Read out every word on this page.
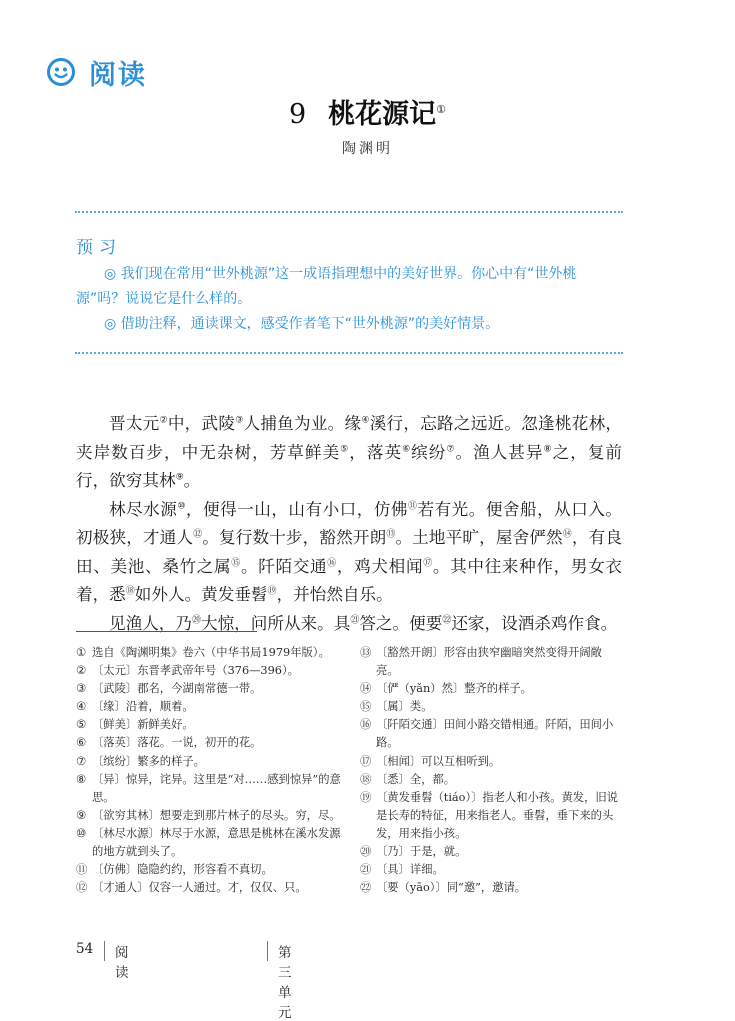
阅读
9 桃花源记①
陶渊明
预习

◎ 我们现在常用“世外桃源”这一成语指理想中的美好世界。你心中有“世外桃源”吗？说说它是什么样的。

◎ 借助注释，通读课文，感受作者笔下“世外桃源”的美好情景。

晋太元②中，武陵③人捕鱼为业。缘④溪行，忘路之远近。忽逢桃花林，夹岸数百步，中无杂树，芳草鲜美⑤，落英⑥缤纷⑦。渔人甚异⑧之，复前行，欲穷其林⑨。

林尽水源⑩，便得一山，山有小口，仿佛⑪若有光。便舍船，从口入。初极狭，才通人⑫。复行数十步，豁然开朗⑬。土地平旷，屋舍俨然⑭，有良田、美池、桑竹之属⑮。阡陌交通⑯，鸡犬相闻⑰。其中往来种作，男女衣着，悉⑱如外人。黄发垂髫⑲，并怡然自乐。

见渔人，乃⑳大惊，问所从来。具$^㉑$答之。便要$^㉒$还家，设酒杀鸡作食。

① 选自《陶渊明集》卷六（中华书局1979年版）。

② 〔太元〕东晋孝武帝年号（376—396）。

③ 〔武陵〕郡名，今湖南常德一带。

④ 〔缘〕沿着，顺着。

⑤ 〔鲜美〕新鲜美好。

⑥ 〔落英〕落花。一说，初开的花。

⑦ 〔缤纷〕繁多的样子。

⑧ 〔异〕惊异，诧异。这里是“对……感到惊异”的意思。

⑨ 〔欲穷其林〕想要走到那片林子的尽头。穷，尽。

⑩ 〔林尽水源〕林尽于水源，意思是桃林在溪水发源的地方就到头了。

⑪ 〔仿佛〕隐隐约约，形容看不真切。

⑫ 〔才通人〕仅容一人通过。才，仅仅、只。

⑬ 〔豁然开朗〕形容由狭窄幽暗突然变得开阔敞亮。

⑭ 〔俨（yǎn）然〕整齐的样子。

⑮ 〔属〕类。

⑯ 〔阡陌交通〕田间小路交错相通。阡陌，田间小路。

⑰ 〔相闻〕可以互相听到。

⑱ 〔悉〕全，都。

⑲ 〔黄发垂髫（tiáo）〕指老人和小孩。黄发，旧说是长寿的特征，用来指老人。垂髫，垂下来的头发，用来指小孩。

⑳ 〔乃〕于是，就。

㉑ 〔具〕详细。

㉒ 〔要（yāo）〕同“邀”，邀请。

54 阅读
第三单元
